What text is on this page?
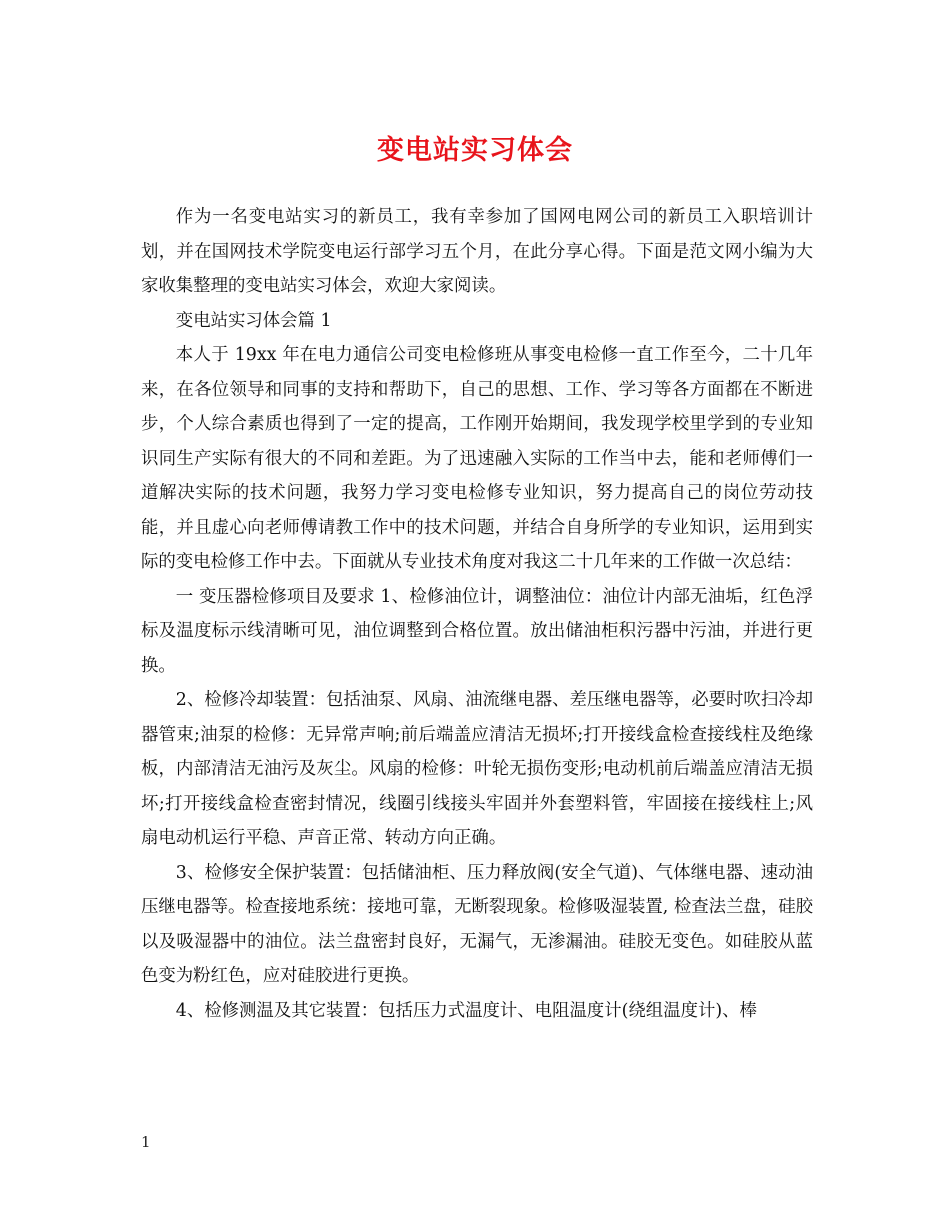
变电站实习体会

作为一名变电站实习的新员工，我有幸参加了国网电网公司的新员工入职培训计划，并在国网技术学院变电运行部学习五个月，在此分享心得。下面是范文网小编为大家收集整理的变电站实习体会，欢迎大家阅读。

变电站实习体会篇 1

本人于 19xx 年在电力通信公司变电检修班从事变电检修一直工作至今，二十几年来，在各位领导和同事的支持和帮助下，自己的思想、工作、学习等各方面都在不断进步，个人综合素质也得到了一定的提高，工作刚开始期间，我发现学校里学到的专业知识同生产实际有很大的不同和差距。为了迅速融入实际的工作当中去，能和老师傅们一道解决实际的技术问题，我努力学习变电检修专业知识，努力提高自己的岗位劳动技能，并且虚心向老师傅请教工作中的技术问题，并结合自身所学的专业知识，运用到实际的变电检修工作中去。下面就从专业技术角度对我这二十几年来的工作做一次总结：

一 变压器检修项目及要求 1、检修油位计，调整油位：油位计内部无油垢，红色浮标及温度标示线清晰可见，油位调整到合格位置。放出储油柜积污器中污油，并进行更换。

2、检修冷却装置：包括油泵、风扇、油流继电器、差压继电器等，必要时吹扫冷却器管束;油泵的检修：无异常声响;前后端盖应清洁无损坏;打开接线盒检查接线柱及绝缘板，内部清洁无油污及灰尘。风扇的检修：叶轮无损伤变形;电动机前后端盖应清洁无损坏;打开接线盒检查密封情况，线圈引线接头牢固并外套塑料管，牢固接在接线柱上;风扇电动机运行平稳、声音正常、转动方向正确。

3、检修安全保护装置：包括储油柜、压力释放阀(安全气道)、气体继电器、速动油压继电器等。检查接地系统：接地可靠，无断裂现象。检修吸湿装置, 检查法兰盘，硅胶以及吸湿器中的油位。法兰盘密封良好，无漏气，无渗漏油。硅胶无变色。如硅胶从蓝色变为粉红色，应对硅胶进行更换。

4、检修测温及其它装置：包括压力式温度计、电阻温度计(绕组温度计)、棒

1
